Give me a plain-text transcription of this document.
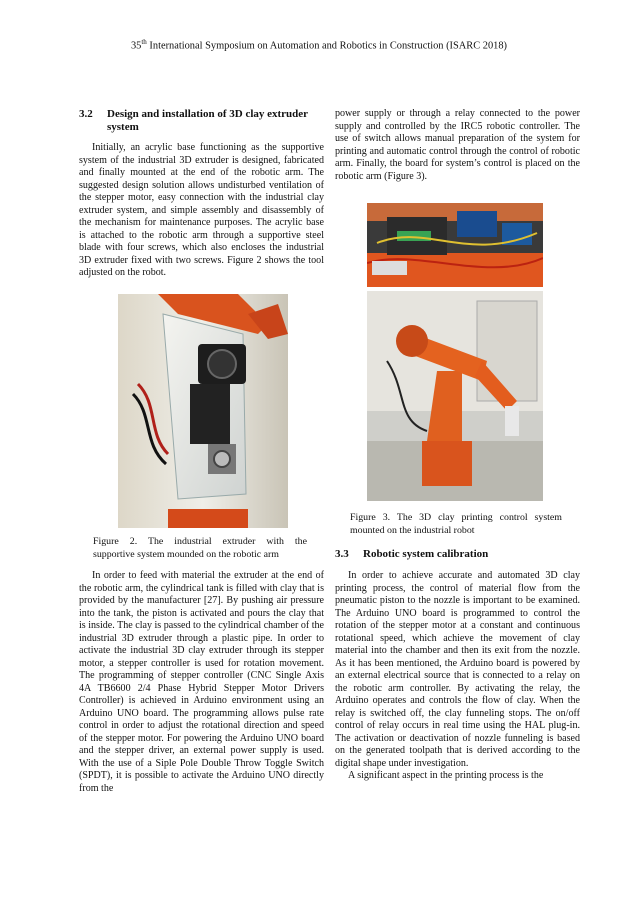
35th International Symposium on Automation and Robotics in Construction (ISARC 2018)
3.2 Design and installation of 3D clay extruder
system

Initially, an acrylic base functioning as the supportive system of the industrial 3D extruder is designed, fabricated and finally mounted at the end of the robotic arm. The suggested design solution allows undisturbed ventilation of the stepper motor, easy connection with the industrial clay extruder system, and simple assembly and disassembly of the mechanism for maintenance purposes. The acrylic base is attached to the robotic arm through a supportive steel blade with four screws, which also encloses the industrial 3D extruder fixed with two screws. Figure 2 shows the tool adjusted on the robot.

Figure 2. The industrial extruder with the
supportive system mounded on the robotic arm

In order to feed with material the extruder at the end of the robotic arm, the cylindrical tank is filled with clay that is provided by the manufacturer [27]. By pushing air pressure into the tank, the piston is activated and pours the clay that is inside. The clay is passed to the cylindrical chamber of the industrial 3D extruder through a plastic pipe. In order to activate the industrial 3D clay extruder through its stepper motor, a stepper controller is used for rotation movement. The programming of stepper controller (CNC Single Axis 4A TB6600 2/4 Phase Hybrid Stepper Motor Drivers Controller) is achieved in Arduino environment using an Arduino UNO board. The programming allows pulse rate control in order to adjust the rotational direction and speed of the stepper motor. For powering the Arduino UNO board and the stepper driver, an external power supply is used. With the use of a Siple Pole Double Throw Toggle Switch (SPDT), it is possible to activate the Arduino UNO directly from the

power supply or through a relay connected to the power supply and controlled by the IRC5 robotic controller. The use of switch allows manual preparation of the system for printing and automatic control through the control of robotic arm. Finally, the board for system’s control is placed on the robotic arm (Figure 3).

Figure 3. The 3D clay printing control system
mounted on the industrial robot
3.3 Robotic system calibration

In order to achieve accurate and automated 3D clay printing process, the control of material flow from the pneumatic piston to the nozzle is important to be examined. The Arduino UNO board is programmed to control the rotation of the stepper motor at a constant and continuous rotational speed, which achieve the movement of clay material into the chamber and then its exit from the nozzle. As it has been mentioned, the Arduino board is powered by an external electrical source that is connected to a relay on the robotic arm controller. By activating the relay, the Arduino operates and controls the flow of clay. When the relay is switched off, the clay funneling stops. The on/off control of relay occurs in real time using the HAL plug-in. The activation or deactivation of nozzle funneling is based on the generated toolpath that is derived according to the digital shape under investigation.

A significant aspect in the printing process is the
